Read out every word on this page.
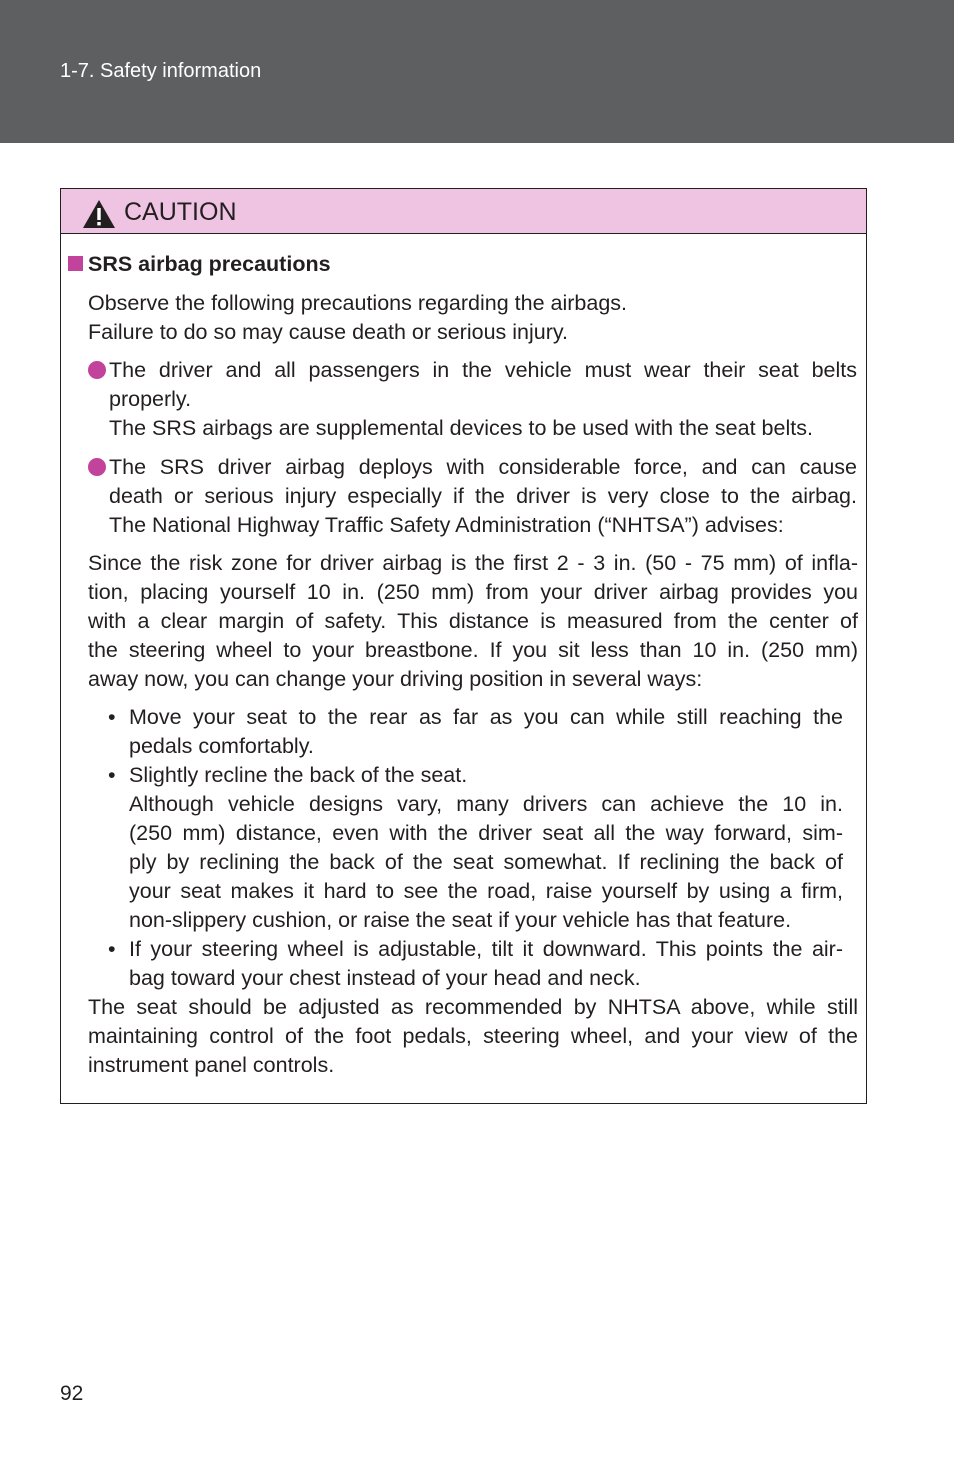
1-7. Safety information
CAUTION
SRS airbag precautions
Observe the following precautions regarding the airbags.
Failure to do so may cause death or serious injury.
The driver and all passengers in the vehicle must wear their seat belts
properly.
The SRS airbags are supplemental devices to be used with the seat belts.
The SRS driver airbag deploys with considerable force, and can cause
death or serious injury especially if the driver is very close to the airbag.
The National Highway Traffic Safety Administration (“NHTSA”) advises:
Since the risk zone for driver airbag is the first 2 - 3 in. (50 - 75 mm) of infla-
tion, placing yourself 10 in. (250 mm) from your driver airbag provides you
with a clear margin of safety. This distance is measured from the center of
the steering wheel to your breastbone. If you sit less than 10 in. (250 mm)
away now, you can change your driving position in several ways:
• Move your seat to the rear as far as you can while still reaching the
pedals comfortably.
• Slightly recline the back of the seat.
Although vehicle designs vary, many drivers can achieve the 10 in.
(250 mm) distance, even with the driver seat all the way forward, sim-
ply by reclining the back of the seat somewhat. If reclining the back of
your seat makes it hard to see the road, raise yourself by using a firm,
non-slippery cushion, or raise the seat if your vehicle has that feature.
• If your steering wheel is adjustable, tilt it downward. This points the air-
bag toward your chest instead of your head and neck.
The seat should be adjusted as recommended by NHTSA above, while still
maintaining control of the foot pedals, steering wheel, and your view of the
instrument panel controls.
92
